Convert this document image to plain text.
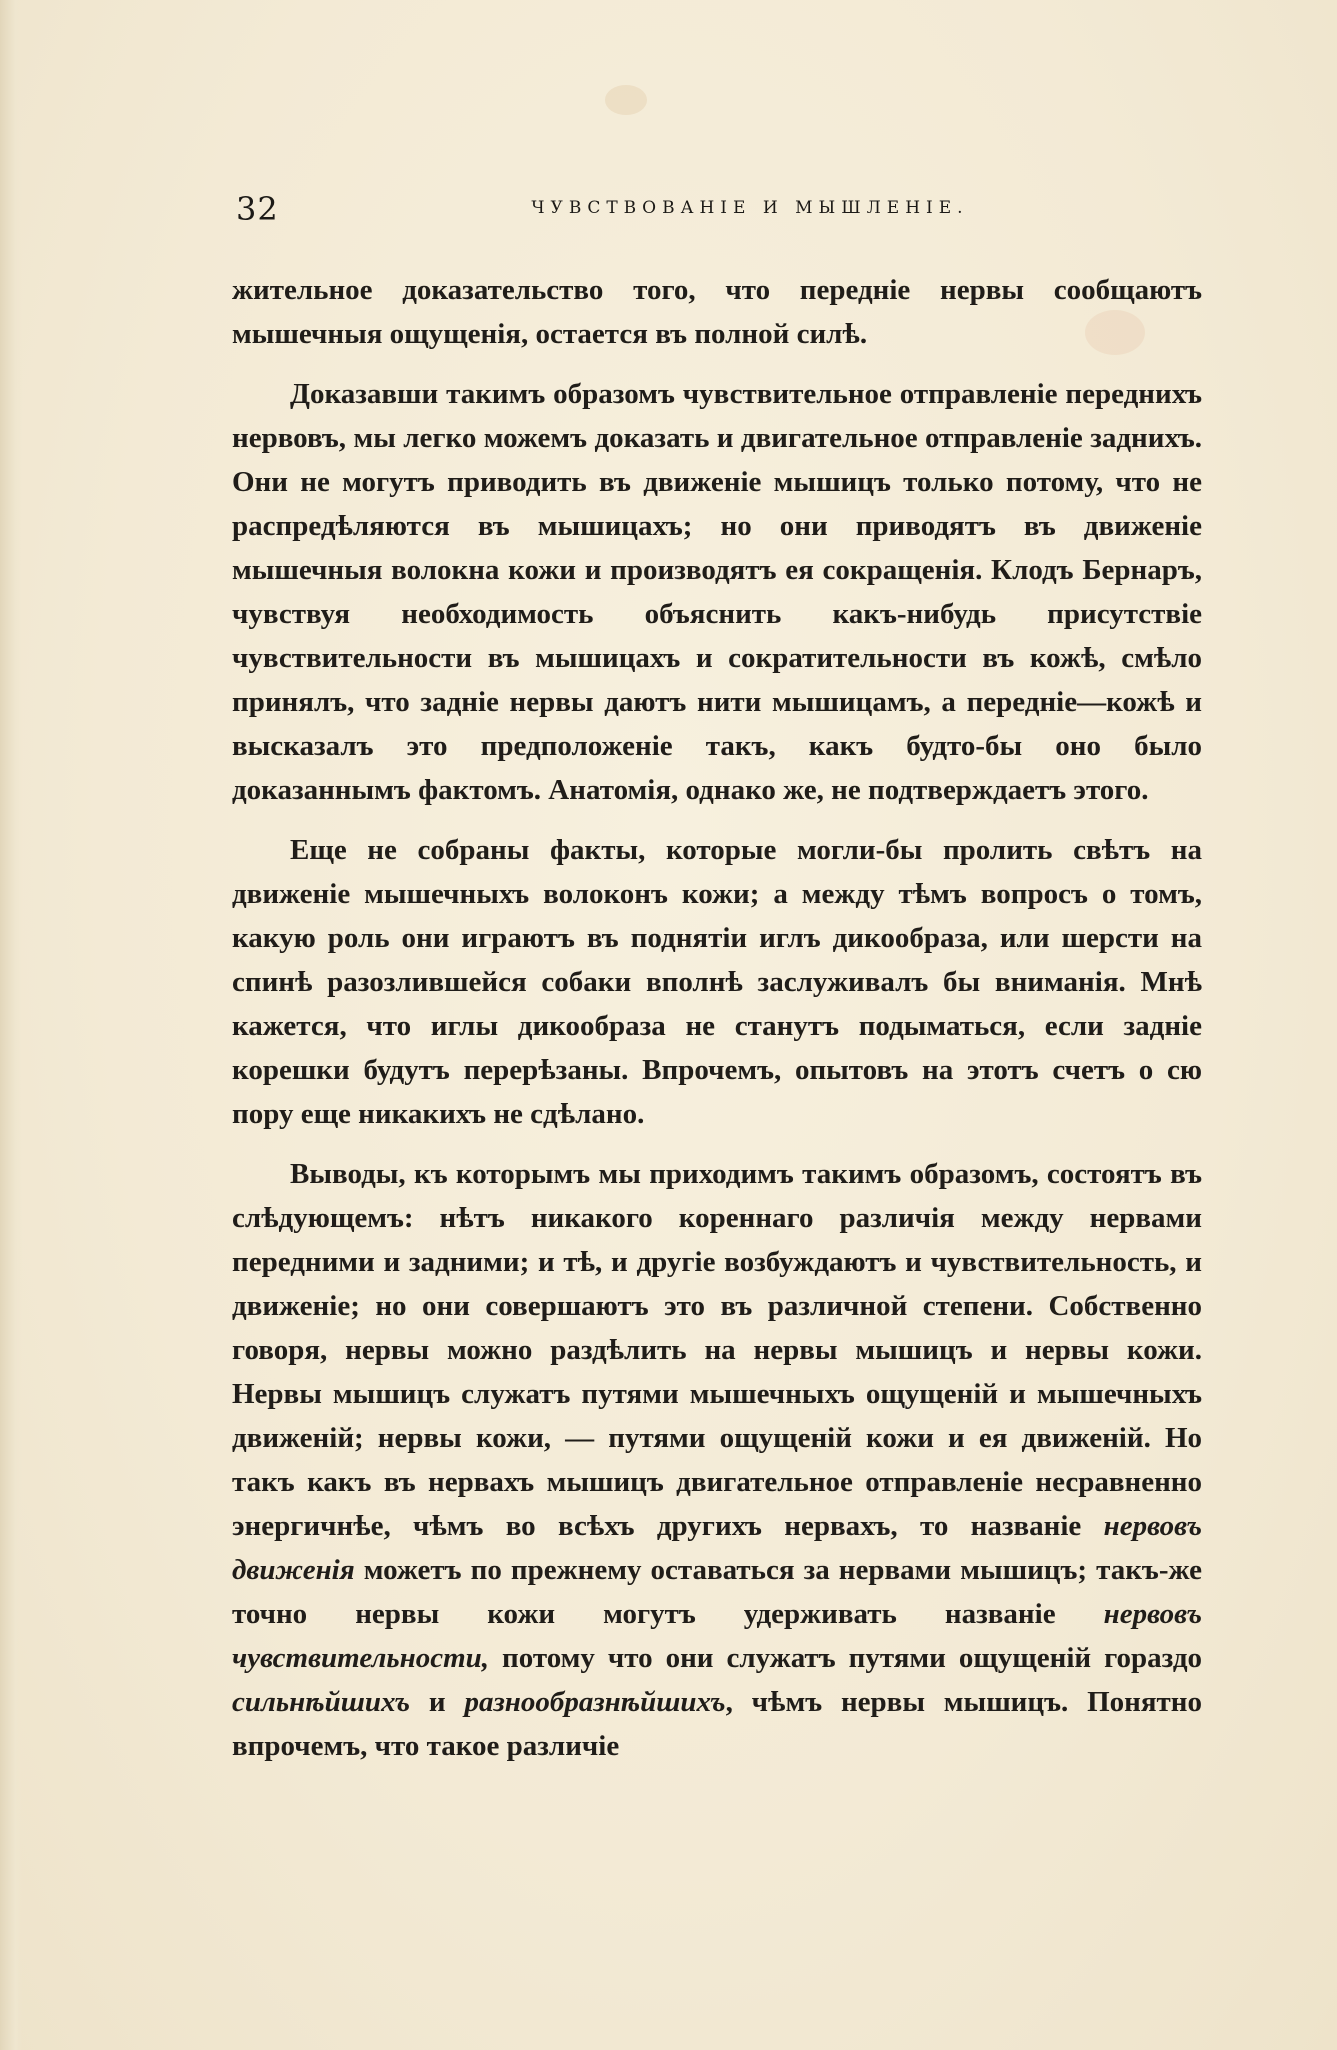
32	ЧУВСТВОВАНІЕ И МЫШЛЕНІЕ.

жительное доказательство того, что передніе нервы сообщаютъ мышечныя ощущенія, остается въ полной силѣ.

Доказавши такимъ образомъ чувствительное отправленіе переднихъ нервовъ, мы легко можемъ доказать и двигательное отправленіе заднихъ. Они не могутъ приводить въ движеніе мышицъ только потому, что не распредѣляются въ мышицахъ; но они приводятъ въ движеніе мышечныя волокна кожи и производятъ ея сокращенія. Клодъ Бернаръ, чувствуя необходимость объяснить какъ-нибудь присутствіе чувствительности въ мышицахъ и сократительности въ кожѣ, смѣло принялъ, что задніе нервы даютъ нити мышицамъ, а передніе—кожѣ и высказалъ это предположеніе такъ, какъ будто-бы оно было доказаннымъ фактомъ. Анатомія, однако же, не подтверждаетъ этого.

Еще не собраны факты, которые могли-бы пролить свѣтъ на движеніе мышечныхъ волоконъ кожи; а между тѣмъ вопросъ о томъ, какую роль они играютъ въ поднятіи иглъ дикообраза, или шерсти на спинѣ разозлившейся собаки вполнѣ заслуживалъ бы вниманія. Мнѣ кажется, что иглы дикообраза не станутъ подыматься, если задніе корешки будутъ перерѣзаны. Впрочемъ, опытовъ на этотъ счетъ о сю пору еще никакихъ не сдѣлано.

Выводы, къ которымъ мы приходимъ такимъ образомъ, состоятъ въ слѣдующемъ: нѣтъ никакого кореннаго различія между нервами передними и задними; и тѣ, и другіе возбуждаютъ и чувствительность, и движеніе; но они совершаютъ это въ различной степени. Собственно говоря, нервы можно раздѣлить на нервы мышицъ и нервы кожи. Нервы мышицъ служатъ путями мышечныхъ ощущеній и мышечныхъ движеній; нервы кожи, — путями ощущеній кожи и ея движеній. Но такъ какъ въ нервахъ мышицъ двигательное отправленіе несравненно энергичнѣе, чѣмъ во всѣхъ другихъ нервахъ, то названіе нервовъ движенія можетъ по прежнему оставаться за нервами мышицъ; такъ-же точно нервы кожи могутъ удерживать названіе нервовъ чувствительности, потому что они служатъ путями ощущеній гораздо сильнѣйшихъ и разнообразнѣйшихъ, чѣмъ нервы мышицъ. Понятно впрочемъ, что такое различіе
